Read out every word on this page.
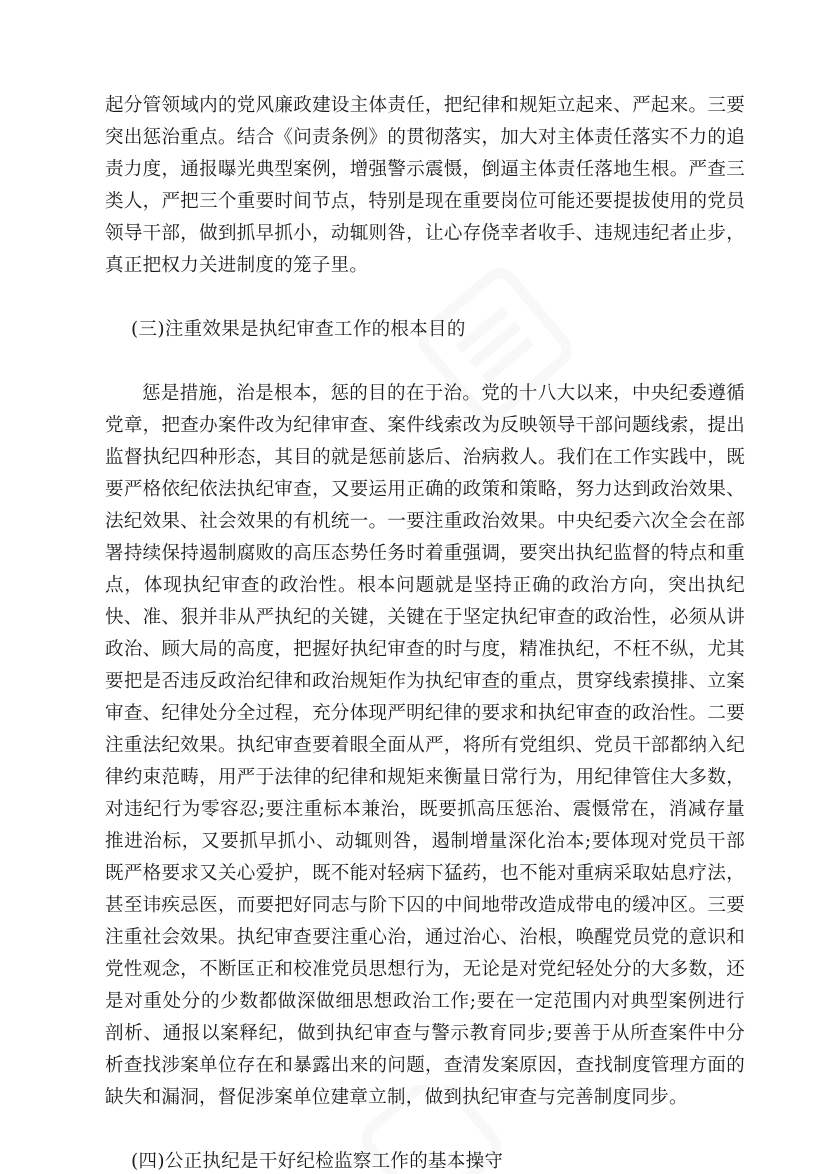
起分管领域内的党风廉政建设主体责任，把纪律和规矩立起来、严起来。三要突出惩治重点。结合《问责条例》的贯彻落实，加大对主体责任落实不力的追责力度，通报曝光典型案例，增强警示震慑，倒逼主体责任落地生根。严查三类人，严把三个重要时间节点，特别是现在重要岗位可能还要提拔使用的党员领导干部，做到抓早抓小，动辄则咎，让心存侥幸者收手、违规违纪者止步，真正把权力关进制度的笼子里。

(三)注重效果是执纪审查工作的根本目的

惩是措施，治是根本，惩的目的在于治。党的十八大以来，中央纪委遵循党章，把查办案件改为纪律审查、案件线索改为反映领导干部问题线索，提出监督执纪四种形态，其目的就是惩前毖后、治病救人。我们在工作实践中，既要严格依纪依法执纪审查，又要运用正确的政策和策略，努力达到政治效果、法纪效果、社会效果的有机统一。一要注重政治效果。中央纪委六次全会在部署持续保持遏制腐败的高压态势任务时着重强调，要突出执纪监督的特点和重点，体现执纪审查的政治性。根本问题就是坚持正确的政治方向，突出执纪快、准、狠并非从严执纪的关键，关键在于坚定执纪审查的政治性，必须从讲政治、顾大局的高度，把握好执纪审查的时与度，精准执纪，不枉不纵，尤其要把是否违反政治纪律和政治规矩作为执纪审查的重点，贯穿线索摸排、立案审查、纪律处分全过程，充分体现严明纪律的要求和执纪审查的政治性。二要注重法纪效果。执纪审查要着眼全面从严，将所有党组织、党员干部都纳入纪律约束范畴，用严于法律的纪律和规矩来衡量日常行为，用纪律管住大多数，对违纪行为零容忍;要注重标本兼治，既要抓高压惩治、震慑常在，消减存量推进治标，又要抓早抓小、动辄则咎，遏制增量深化治本;要体现对党员干部既严格要求又关心爱护，既不能对轻病下猛药，也不能对重病采取姑息疗法，甚至讳疾忌医，而要把好同志与阶下囚的中间地带改造成带电的缓冲区。三要注重社会效果。执纪审查要注重心治，通过治心、治根，唤醒党员党的意识和党性观念，不断匡正和校准党员思想行为，无论是对党纪轻处分的大多数，还是对重处分的少数都做深做细思想政治工作;要在一定范围内对典型案例进行剖析、通报以案释纪，做到执纪审查与警示教育同步;要善于从所查案件中分析查找涉案单位存在和暴露出来的问题，查清发案原因，查找制度管理方面的缺失和漏洞，督促涉案单位建章立制，做到执纪审查与完善制度同步。

(四)公正执纪是干好纪检监察工作的基本操守
